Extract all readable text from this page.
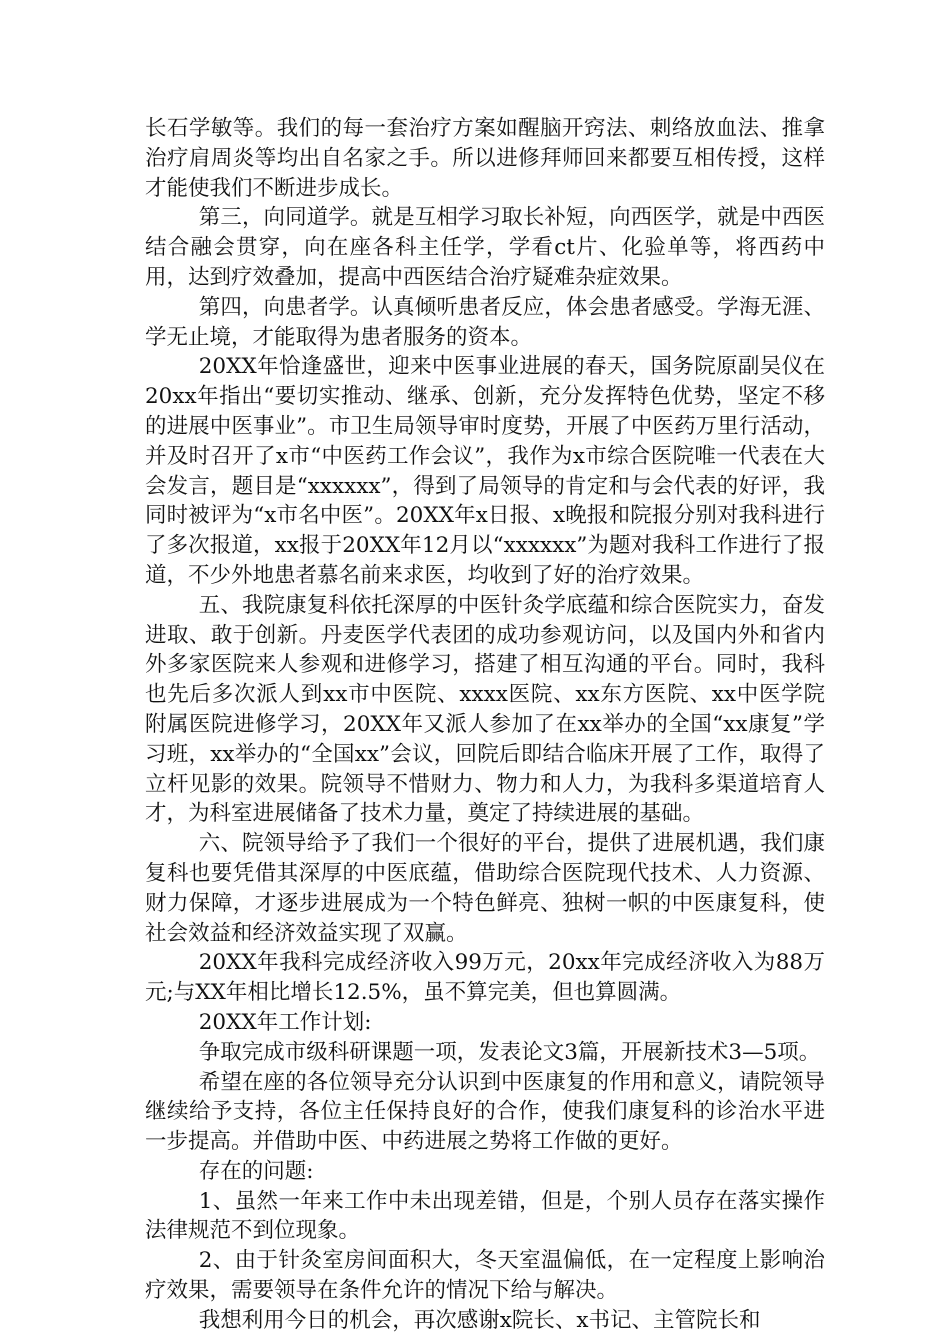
长石学敏等。我们的每一套治疗方案如醒脑开窍法、刺络放血法、推拿治疗肩周炎等均出自名家之手。所以进修拜师回来都要互相传授，这样才能使我们不断进步成长。

第三，向同道学。就是互相学习取长补短，向西医学，就是中西医结合融会贯穿，向在座各科主任学，学看ct片、化验单等，将西药中用，达到疗效叠加，提高中西医结合治疗疑难杂症效果。

第四，向患者学。认真倾听患者反应，体会患者感受。学海无涯、学无止境，才能取得为患者服务的资本。

20XX年恰逢盛世，迎来中医事业进展的春天，国务院原副吴仪在20xx年指出“要切实推动、继承、创新，充分发挥特色优势，坚定不移的进展中医事业”。市卫生局领导审时度势，开展了中医药万里行活动，并及时召开了x市“中医药工作会议”，我作为x市综合医院唯一代表在大会发言，题目是“xxxxxx”，得到了局领导的肯定和与会代表的好评，我同时被评为“x市名中医”。20XX年x日报、x晚报和院报分别对我科进行了多次报道，xx报于20XX年12月以“xxxxxx”为题对我科工作进行了报道，不少外地患者慕名前来求医，均收到了好的治疗效果。

五、我院康复科依托深厚的中医针灸学底蕴和综合医院实力，奋发进取、敢于创新。丹麦医学代表团的成功参观访问，以及国内外和省内外多家医院来人参观和进修学习，搭建了相互沟通的平台。同时，我科也先后多次派人到xx市中医院、xxxx医院、xx东方医院、xx中医学院附属医院进修学习，20XX年又派人参加了在xx举办的全国“xx康复”学习班，xx举办的“全国xx”会议，回院后即结合临床开展了工作，取得了立杆见影的效果。院领导不惜财力、物力和人力，为我科多渠道培育人才，为科室进展储备了技术力量，奠定了持续进展的基础。

六、院领导给予了我们一个很好的平台，提供了进展机遇，我们康复科也要凭借其深厚的中医底蕴，借助综合医院现代技术、人力资源、财力保障，才逐步进展成为一个特色鲜亮、独树一帜的中医康复科，使社会效益和经济效益实现了双赢。

20XX年我科完成经济收入99万元，20xx年完成经济收入为88万元;与XX年相比增长12.5%，虽不算完美，但也算圆满。

20XX年工作计划:

争取完成市级科研课题一项，发表论文3篇，开展新技术3—5项。

希望在座的各位领导充分认识到中医康复的作用和意义，请院领导继续给予支持，各位主任保持良好的合作，使我们康复科的诊治水平进一步提高。并借助中医、中药进展之势将工作做的更好。

存在的问题:

1、虽然一年来工作中未出现差错，但是，个别人员存在落实操作法律规范不到位现象。

2、由于针灸室房间面积大，冬天室温偏低，在一定程度上影响治疗效果，需要领导在条件允许的情况下给与解决。

我想利用今日的机会，再次感谢x院长、x书记、主管院长和
